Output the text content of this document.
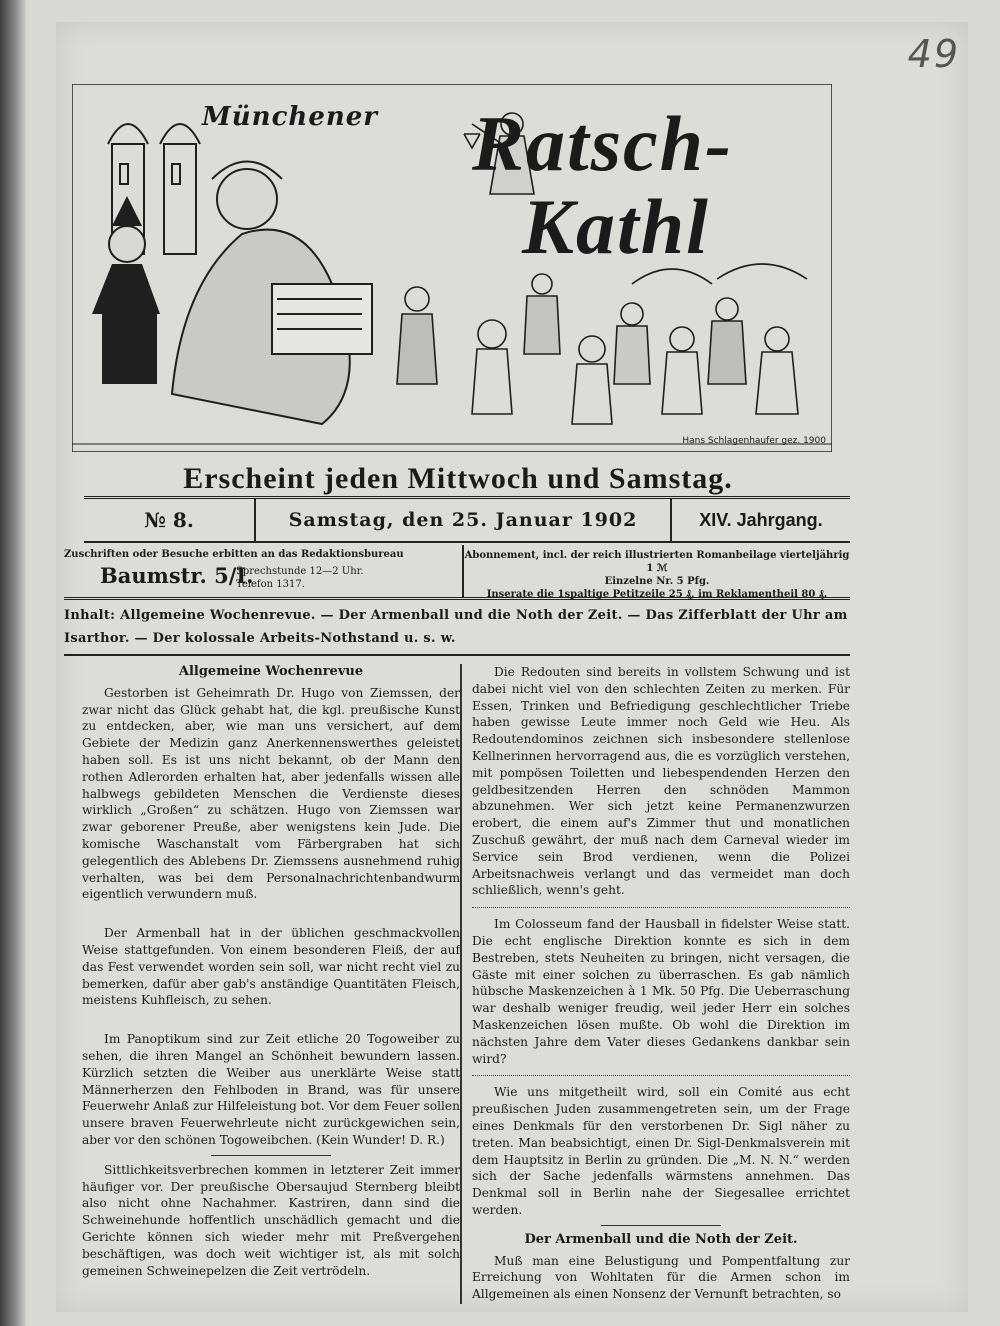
49
Münchener Ratsch-
Kathl
Hans Schlagenhaufer gez. 1900
Erscheint jeden Mittwoch und Samstag.
№ 8.	Samstag, den 25. Januar 1902	XIV. Jahrgang.
Zuschriften oder Besuche erbitten an das Redaktionsbureau
Baumstr. 5/I.
Sprechstunde 12—2 Uhr.
Telefon 1317.
Abonnement, incl. der reich illustrierten Romanbeilage vierteljährig 1 ℳ
Einzelne Nr. 5 Pfg.
Inserate die 1spaltige Petitzeile 25 ₰, im Reklamentheil 80 ₰.
Inhalt: Allgemeine Wochenrevue. — Der Armenball und die Noth der Zeit. — Das Zifferblatt der Uhr am Isarthor. — Der kolossale Arbeits-Nothstand u. s. w.

Allgemeine Wochenrevue

Gestorben ist Geheimrath Dr. Hugo von Ziemssen, der zwar nicht das Glück gehabt hat, die kgl. preußische Kunst zu entdecken, aber, wie man uns versichert, auf dem Gebiete der Medizin ganz Anerkennenswerthes geleistet haben soll. Es ist uns nicht bekannt, ob der Mann den rothen Adlerorden erhalten hat, aber jedenfalls wissen alle halbwegs gebildeten Menschen die Verdienste dieses wirklich „Großen“ zu schätzen. Hugo von Ziemssen war zwar geborener Preuße, aber wenigstens kein Jude. Die komische Waschanstalt vom Färbergraben hat sich gelegentlich des Ablebens Dr. Ziemssens ausnehmend ruhig verhalten, was bei dem Personalnachrichtenbandwurm eigentlich verwundern muß.

Der Armenball hat in der üblichen geschmackvollen Weise stattgefunden. Von einem besonderen Fleiß, der auf das Fest verwendet worden sein soll, war nicht recht viel zu bemerken, dafür aber gab's anständige Quantitäten Fleisch, meistens Kuhfleisch, zu sehen.

Im Panoptikum sind zur Zeit etliche 20 Togoweiber zu sehen, die ihren Mangel an Schönheit bewundern lassen. Kürzlich setzten die Weiber aus unerklärte Weise statt Männerherzen den Fehlboden in Brand, was für unsere Feuerwehr Anlaß zur Hilfeleistung bot. Vor dem Feuer sollen unsere braven Feuerwehrleute nicht zurückgewichen sein, aber vor den schönen Togoweibchen. (Kein Wunder! D. R.)

Sittlichkeitsverbrechen kommen in letzterer Zeit immer häufiger vor. Der preußische Obersaujud Sternberg bleibt also nicht ohne Nachahmer. Kastriren, dann sind die Schweinehunde hoffentlich unschädlich gemacht und die Gerichte können sich wieder mehr mit Preßvergehen beschäftigen, was doch weit wichtiger ist, als mit solch gemeinen Schweinepelzen die Zeit vertrödeln.

Die Redouten sind bereits in vollstem Schwung und ist dabei nicht viel von den schlechten Zeiten zu merken. Für Essen, Trinken und Befriedigung geschlechtlicher Triebe haben gewisse Leute immer noch Geld wie Heu. Als Redoutendominos zeichnen sich insbesondere stellenlose Kellnerinnen hervorragend aus, die es vorzüglich verstehen, mit pompösen Toiletten und liebespendenden Herzen den geldbesitzenden Herren den schnöden Mammon abzunehmen. Wer sich jetzt keine Permanenzwurzen erobert, die einem auf's Zimmer thut und monatlichen Zuschuß gewährt, der muß nach dem Carneval wieder im Service sein Brod verdienen, wenn die Polizei Arbeitsnachweis verlangt und das vermeidet man doch schließlich, wenn's geht.

Im Colosseum fand der Hausball in fidelster Weise statt. Die echt englische Direktion konnte es sich in dem Bestreben, stets Neuheiten zu bringen, nicht versagen, die Gäste mit einer solchen zu überraschen. Es gab nämlich hübsche Maskenzeichen à 1 Mk. 50 Pfg. Die Ueberraschung war deshalb weniger freudig, weil jeder Herr ein solches Maskenzeichen lösen mußte. Ob wohl die Direktion im nächsten Jahre dem Vater dieses Gedankens dankbar sein wird?

Wie uns mitgetheilt wird, soll ein Comité aus echt preußischen Juden zusammengetreten sein, um der Frage eines Denkmals für den verstorbenen Dr. Sigl näher zu treten. Man beabsichtigt, einen Dr. Sigl-Denkmalsverein mit dem Hauptsitz in Berlin zu gründen. Die „M. N. N.“ werden sich der Sache jedenfalls wärmstens annehmen. Das Denkmal soll in Berlin nahe der Siegesallee errichtet werden.

Der Armenball und die Noth der Zeit.

Muß man eine Belustigung und Pompentfaltung zur Erreichung von Wohltaten für die Armen schon im Allgemeinen als einen Nonsenz der Vernunft betrachten, so
